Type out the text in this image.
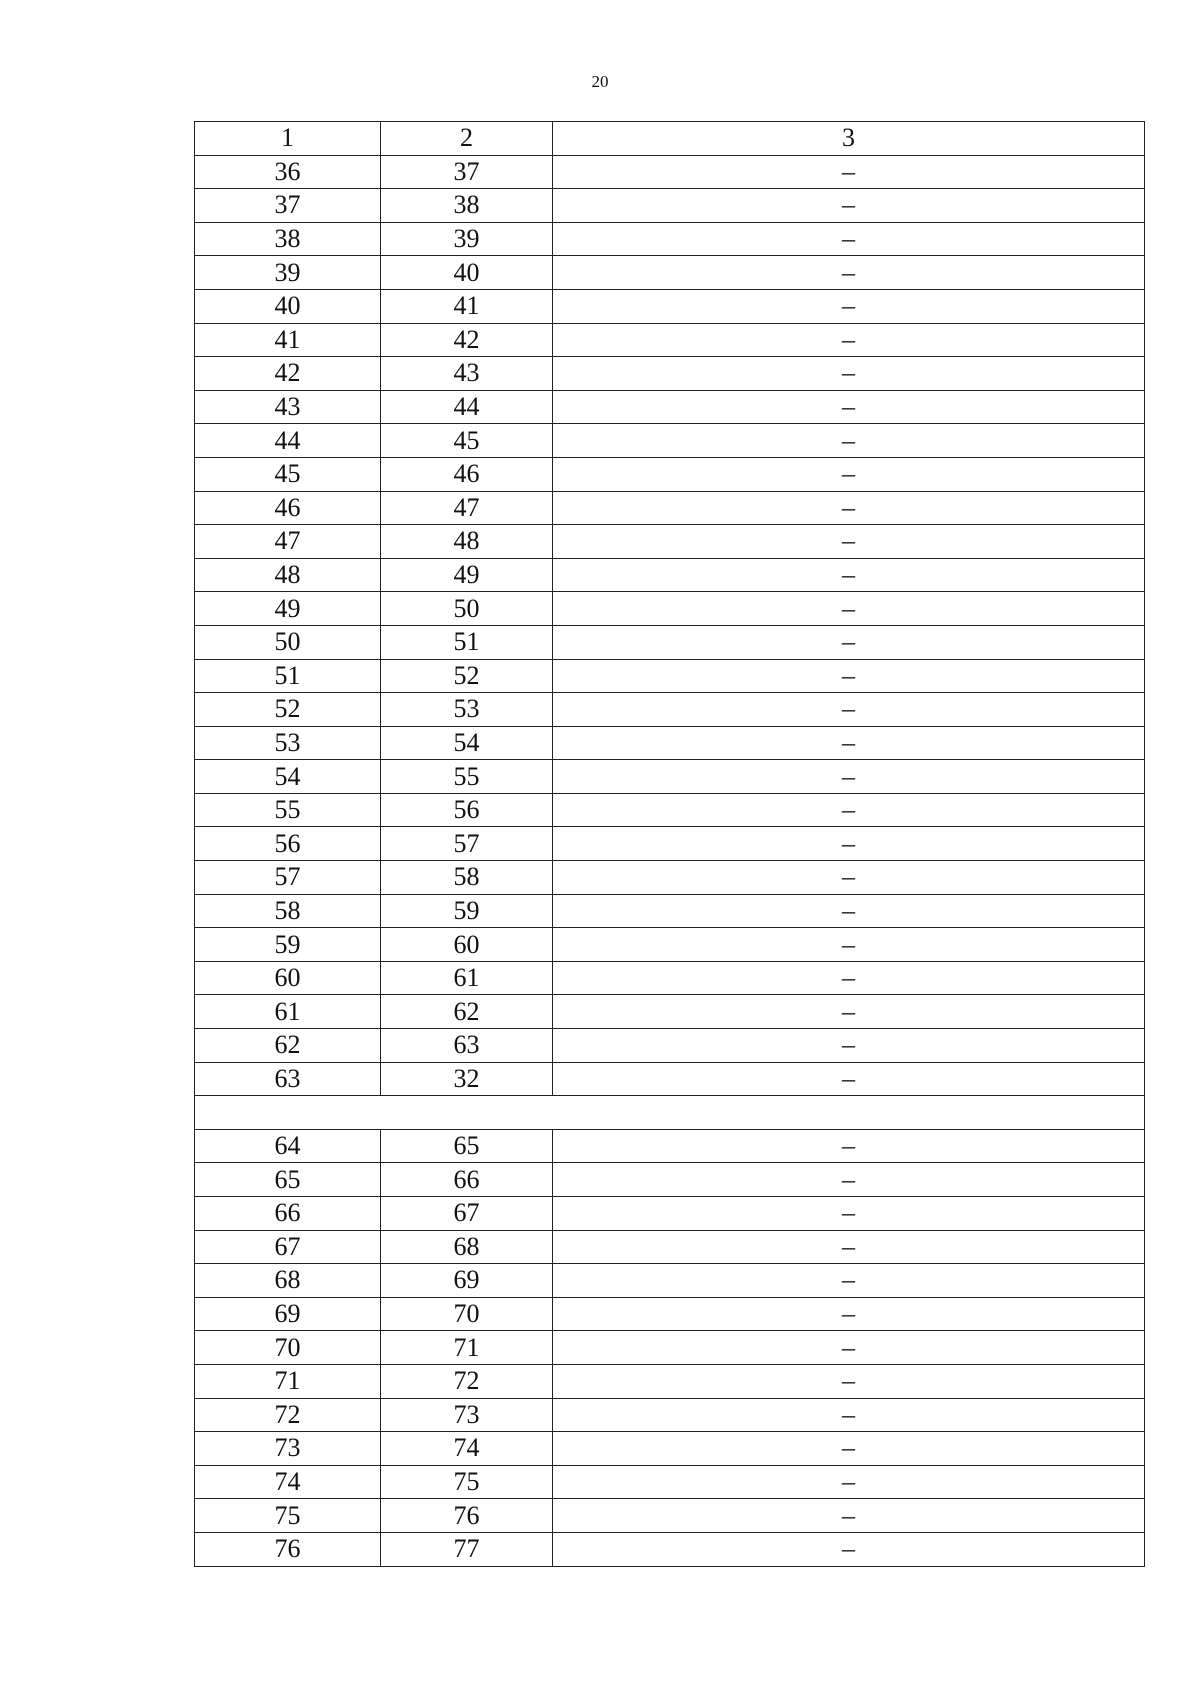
20
1	2	3
36	37	–
37	38	–
38	39	–
39	40	–
40	41	–
41	42	–
42	43	–
43	44	–
44	45	–
45	46	–
46	47	–
47	48	–
48	49	–
49	50	–
50	51	–
51	52	–
52	53	–
53	54	–
54	55	–
55	56	–
56	57	–
57	58	–
58	59	–
59	60	–
60	61	–
61	62	–
62	63	–
63	32	–

64	65	–
65	66	–
66	67	–
67	68	–
68	69	–
69	70	–
70	71	–
71	72	–
72	73	–
73	74	–
74	75	–
75	76	–
76	77	–
